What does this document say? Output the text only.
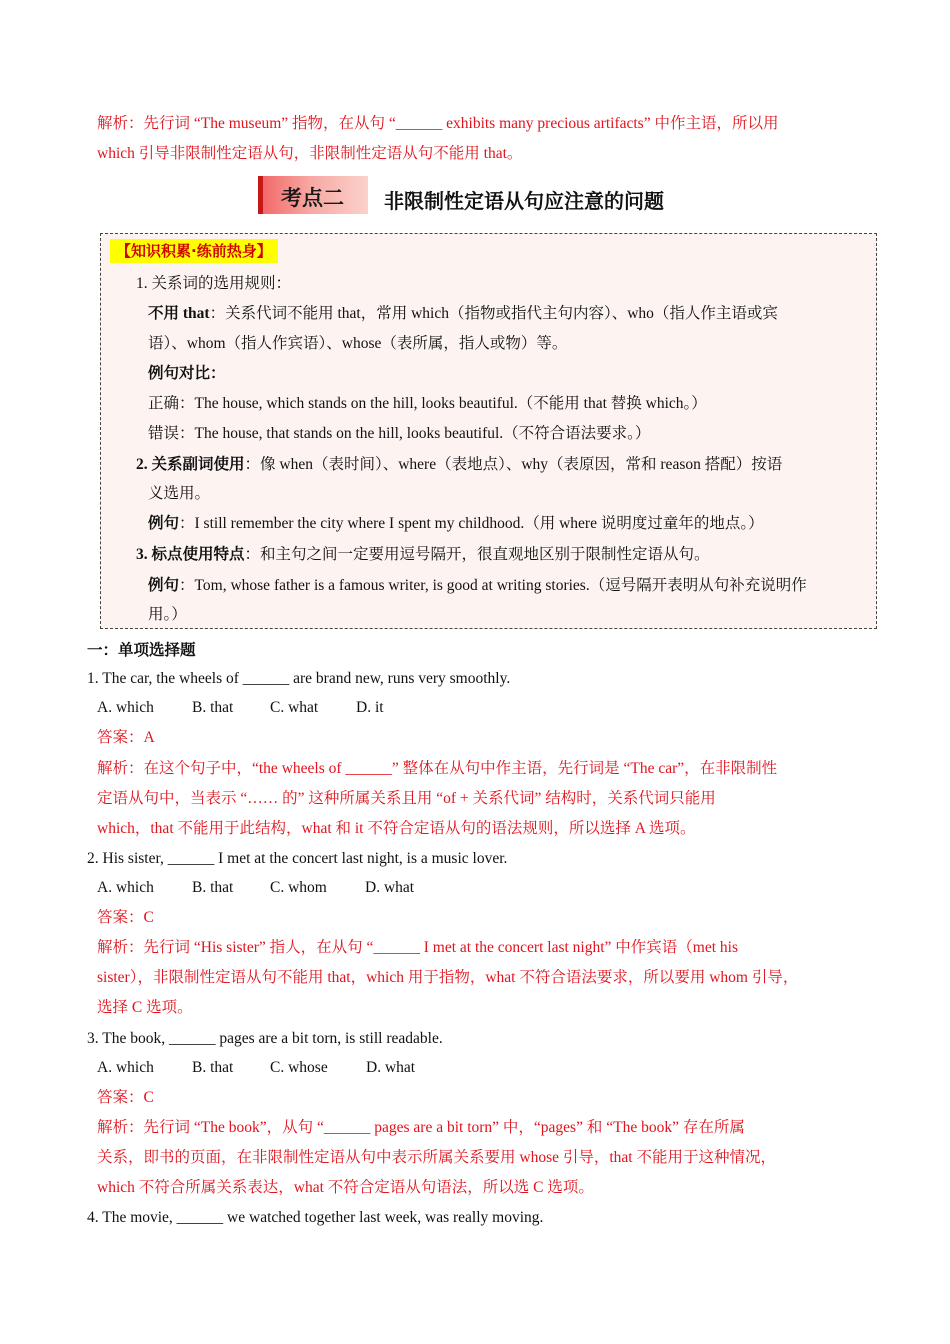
解析：先行词 “The museum” 指物，在从句 “______ exhibits many precious artifacts” 中作主语，所以用
which 引导非限制性定语从句，非限制性定语从句不能用 that。
考点二 非限制性定语从句应注意的问题
【知识积累·练前热身】
1. 关系词的选用规则：
不用 that：关系代词不能用 that，常用 which（指物或指代主句内容）、who（指人作主语或宾
语）、whom（指人作宾语）、whose（表所属，指人或物）等。
例句对比：
正确：The house, which stands on the hill, looks beautiful.（不能用 that 替换 which。）
错误：The house, that stands on the hill, looks beautiful.（不符合语法要求。）
2. 关系副词使用：像 when（表时间）、where（表地点）、why（表原因，常和 reason 搭配）按语
义选用。
例句：I still remember the city where I spent my childhood.（用 where 说明度过童年的地点。）
3. 标点使用特点：和主句之间一定要用逗号隔开，很直观地区别于限制性定语从句。
例句：Tom, whose father is a famous writer, is good at writing stories.（逗号隔开表明从句补充说明作
用。）
一：单项选择题
1. The car, the wheels of ______ are brand new, runs very smoothly.
A. which B. that C. what D. it
答案：A
解析：在这个句子中，“the wheels of ______” 整体在从句中作主语，先行词是 “The car”，在非限制性
定语从句中，当表示 “…… 的” 这种所属关系且用 “of + 关系代词” 结构时，关系代词只能用
which，that 不能用于此结构，what 和 it 不符合定语从句的语法规则，所以选择 A 选项。
2. His sister, ______ I met at the concert last night, is a music lover.
A. which B. that C. whom D. what
答案：C
解析：先行词 “His sister” 指人，在从句 “______ I met at the concert last night” 中作宾语（met his
sister），非限制性定语从句不能用 that，which 用于指物，what 不符合语法要求，所以要用 whom 引导，
选择 C 选项。
3. The book, ______ pages are a bit torn, is still readable.
A. which B. that C. whose D. what
答案：C
解析：先行词 “The book”，从句 “______ pages are a bit torn” 中，“pages” 和 “The book” 存在所属
关系，即书的页面，在非限制性定语从句中表示所属关系要用 whose 引导，that 不能用于这种情况，
which 不符合所属关系表达，what 不符合定语从句语法，所以选 C 选项。
4. The movie, ______ we watched together last week, was really moving.
